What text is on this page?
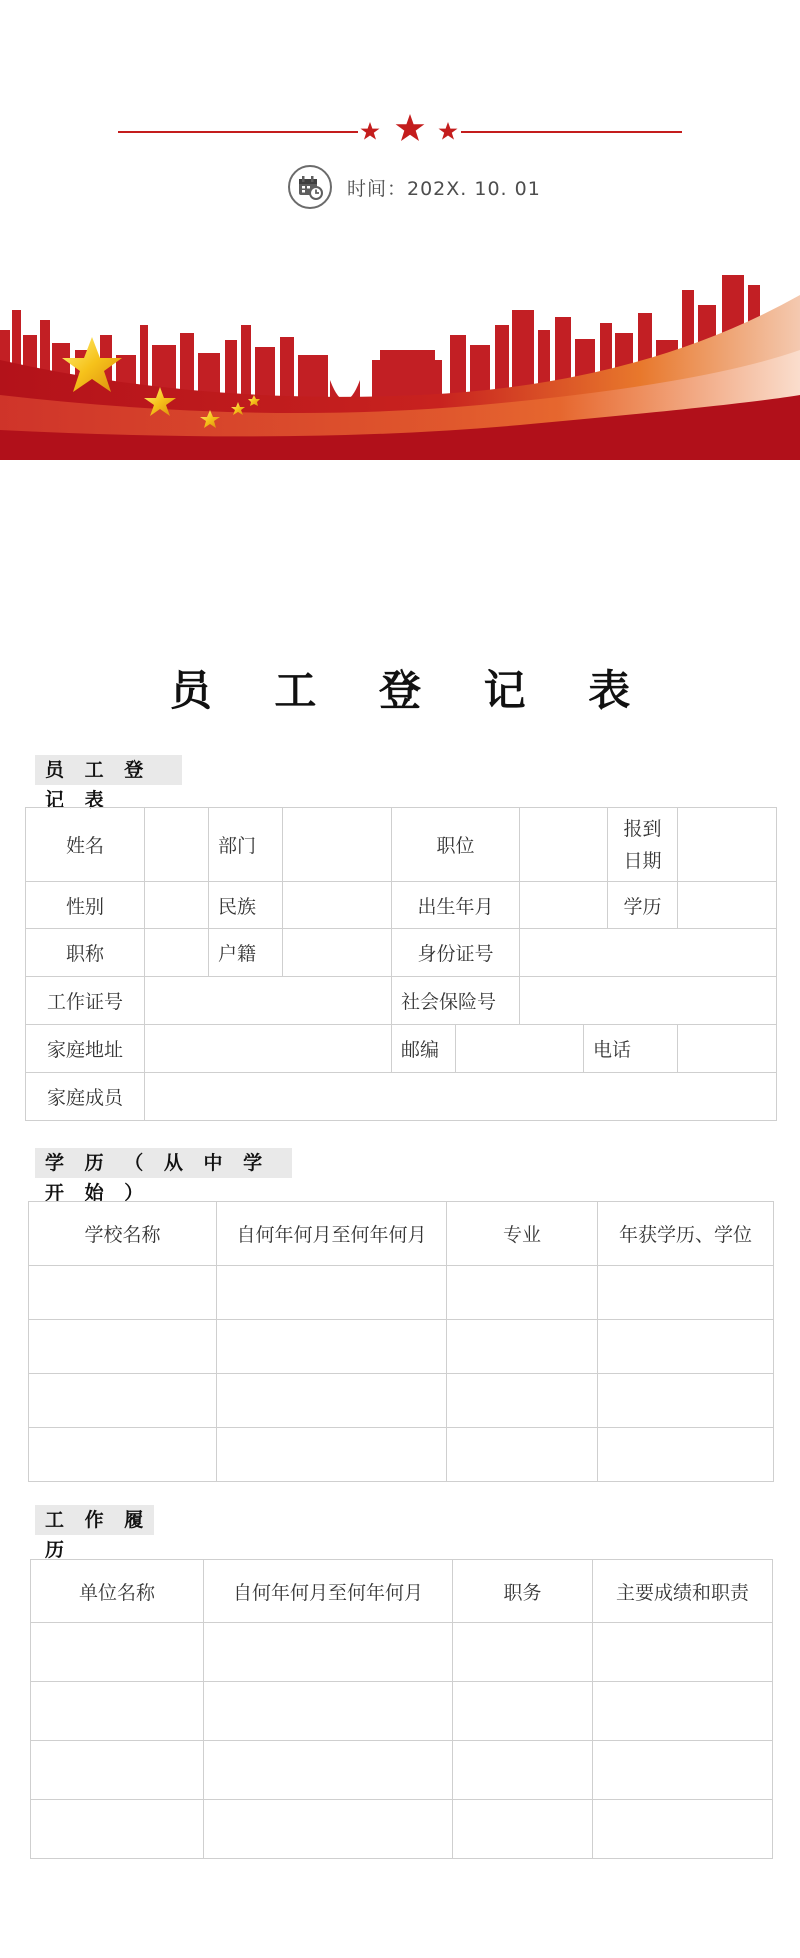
时间：202X. 10. 01
员 工 登 记 表
员 工 登 记 表
姓名		部门		职位				报到
日期	

性别		民族		出生年月				学历	
职称		户籍		身份证号					
工作证号				社会保险号					
家庭地址				邮编			电话		
家庭成员									
学 历 （ 从 中 学 开 始 ）
学校名称	自何年何月至何年何月	专业	年获学历、学位

工 作 履 历
单位名称	自何年何月至何年何月	职务	主要成绩和职责
